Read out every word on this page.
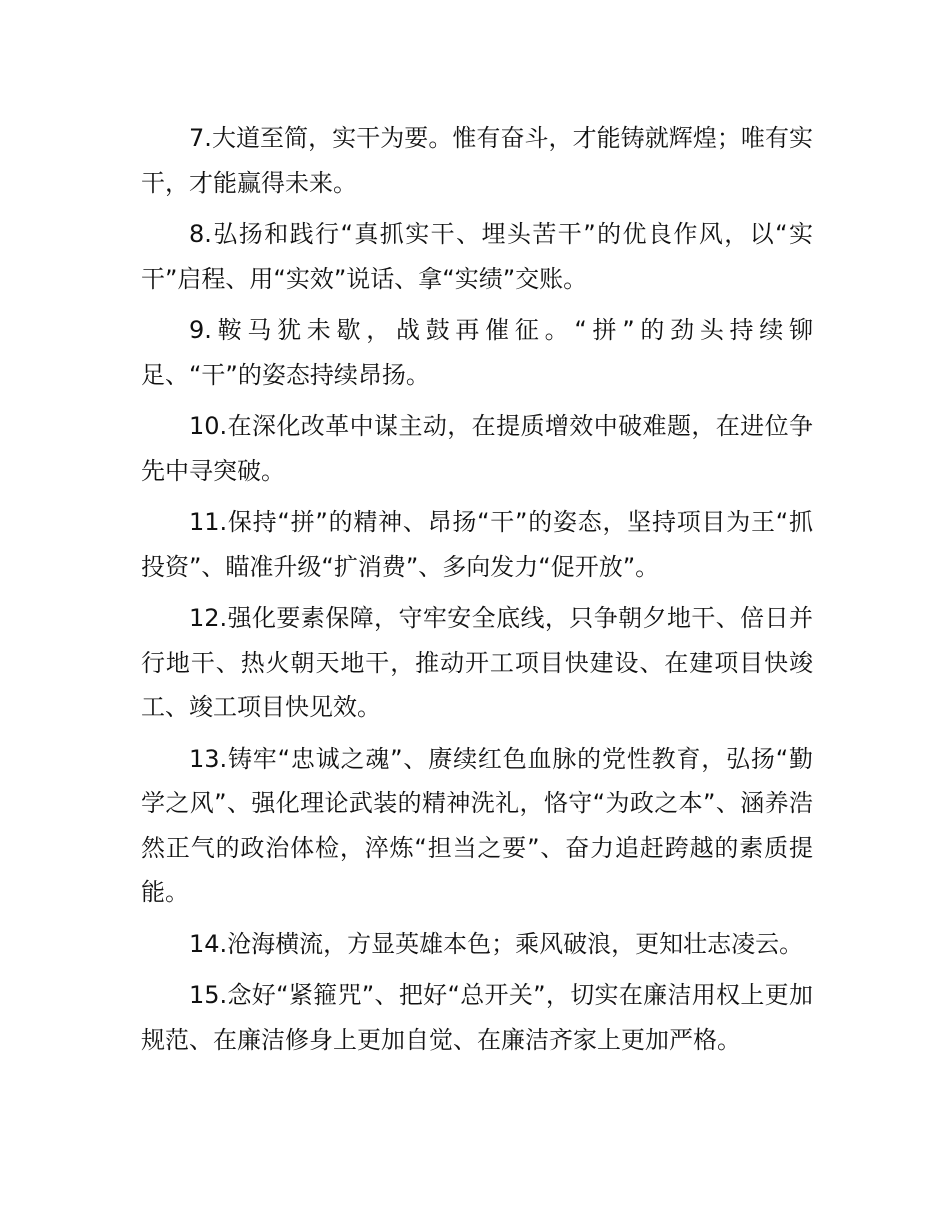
7.大道至简，实干为要。惟有奋斗，才能铸就辉煌；唯有实干，才能赢得未来。

8.弘扬和践行“真抓实干、埋头苦干”的优良作风，以“实干”启程、用“实效”说话、拿“实绩”交账。

9.鞍马犹未歇，战鼓再催征。“拼”的劲头持续铆足、“干”的姿态持续昂扬。

10.在深化改革中谋主动，在提质增效中破难题，在进位争先中寻突破。

11.保持“拼”的精神、昂扬“干”的姿态，坚持项目为王“抓投资”、瞄准升级“扩消费”、多向发力“促开放”。

12.强化要素保障，守牢安全底线，只争朝夕地干、倍日并行地干、热火朝天地干，推动开工项目快建设、在建项目快竣工、竣工项目快见效。

13.铸牢“忠诚之魂”、赓续红色血脉的党性教育，弘扬“勤学之风”、强化理论武装的精神洗礼，恪守“为政之本”、涵养浩然正气的政治体检，淬炼“担当之要”、奋力追赶跨越的素质提能。

14.沧海横流，方显英雄本色；乘风破浪，更知壮志凌云。

15.念好“紧箍咒”、把好“总开关”，切实在廉洁用权上更加规范、在廉洁修身上更加自觉、在廉洁齐家上更加严格。
